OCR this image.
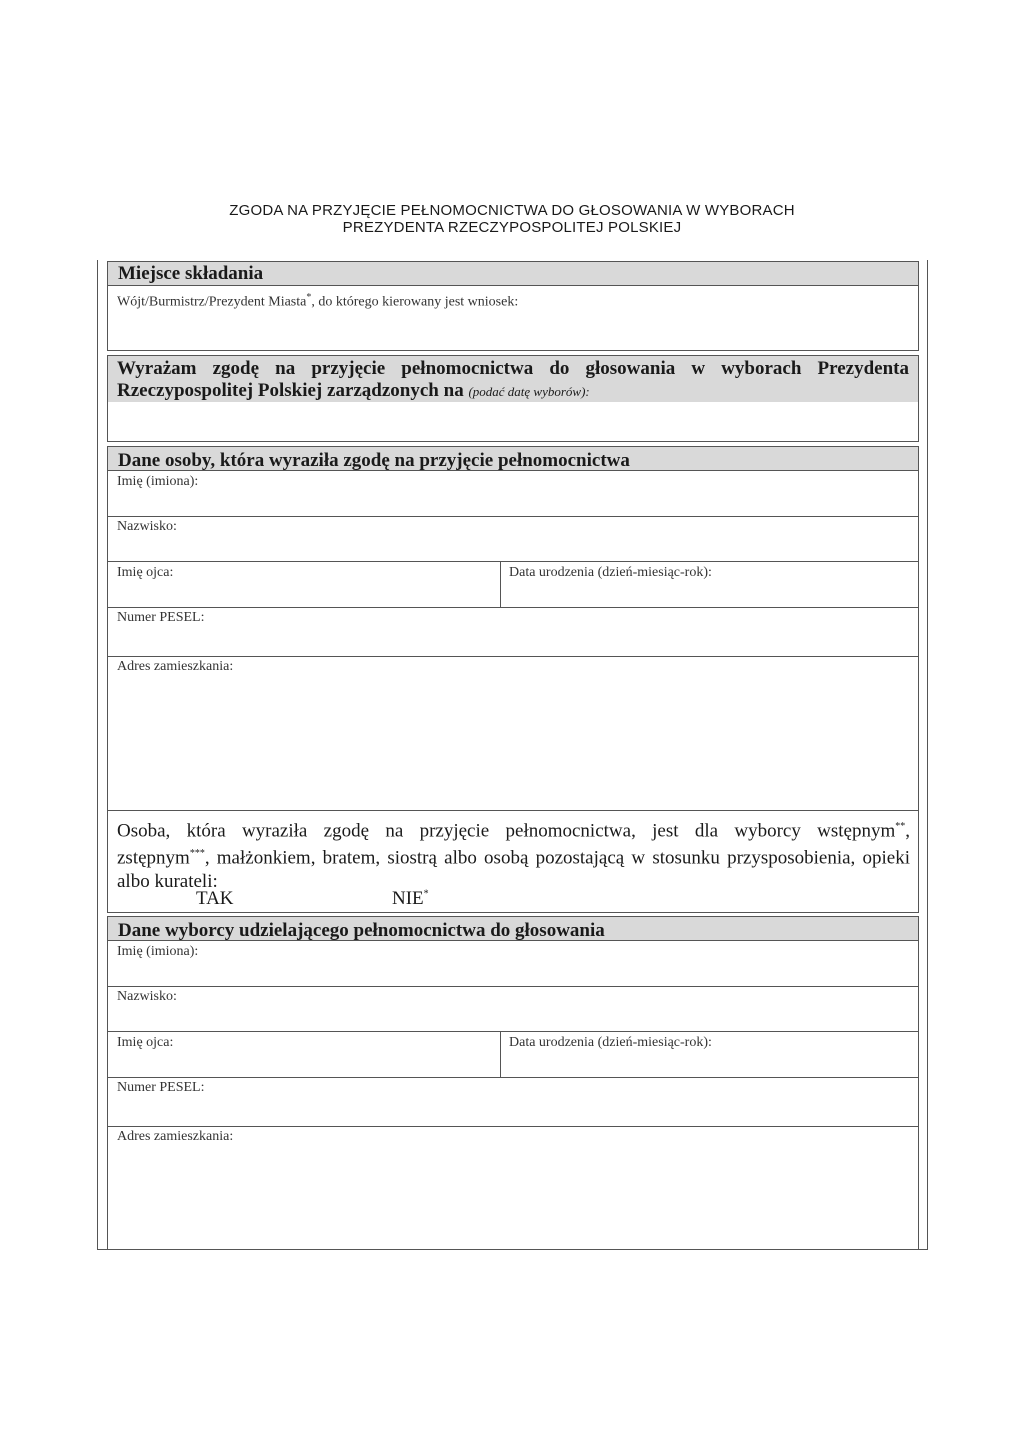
ZGODA NA PRZYJĘCIE PEŁNOMOCNICTWA DO GŁOSOWANIA W WYBORACH
PREZYDENTA RZECZYPOSPOLITEJ POLSKIEJ
Miejsce składania
Wójt/Burmistrz/Prezydent Miasta*, do którego kierowany jest wniosek:
Wyrażam zgodę na przyjęcie pełnomocnictwa do głosowania w wyborach Prezydenta
Rzeczypospolitej Polskiej zarządzonych na (podać datę wyborów):
Dane osoby, która wyraziła zgodę na przyjęcie pełnomocnictwa
Imię (imiona):
Nazwisko:
Imię ojca:	Data urodzenia (dzień-miesiąc-rok):
Numer PESEL:
Adres zamieszkania:
Osoba, która wyraziła zgodę na przyjęcie pełnomocnictwa, jest dla wyborcy wstępnym**,
zstępnym***, małżonkiem, bratem, siostrą albo osobą pozostającą w stosunku przysposobienia, opieki
albo kurateli:
TAK	NIE*
Dane wyborcy udzielającego pełnomocnictwa do głosowania
Imię (imiona):
Nazwisko:
Imię ojca:	Data urodzenia (dzień-miesiąc-rok):
Numer PESEL:
Adres zamieszkania:
